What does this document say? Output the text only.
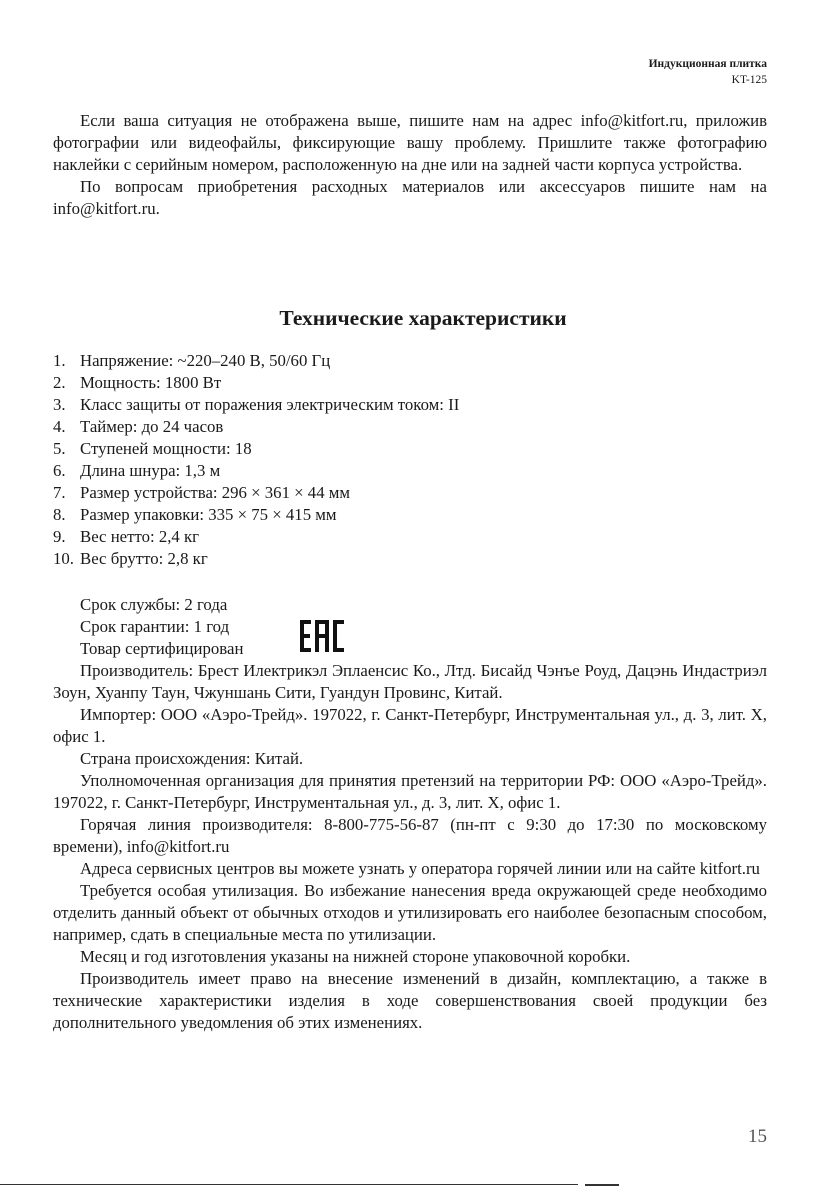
Индукционная плитка
KT-125

Если ваша ситуация не отображена выше, пишите нам на адрес info@kitfort.ru, приложив фотографии или видеофайлы, фиксирующие вашу проблему. Пришлите также фотографию наклейки с серийным номером, расположенную на дне или на задней части корпуса устройства.

По вопросам приобретения расходных материалов или аксессуаров пишите нам на info@kitfort.ru.

Технические характеристики
1. Напряжение: ~220–240 В, 50/60 Гц
2. Мощность: 1800 Вт
3. Класс защиты от поражения электрическим током: II
4. Таймер: до 24 часов
5. Ступеней мощности: 18
6. Длина шнура: 1,3 м
7. Размер устройства: 296 × 361 × 44 мм
8. Размер упаковки: 335 × 75 × 415 мм
9. Вес нетто: 2,4 кг
10. Вес брутто: 2,8 кг

Срок службы: 2 года

Срок гарантии: 1 год

Товар сертифицирован

Производитель: Брест Илектрикэл Эплаенсис Ко., Лтд. Бисайд Чэнъе Роуд, Дацэнь Индастриэл Зоун, Хуанпу Таун, Чжуншань Сити, Гуандун Провинс, Китай.

Импортер: ООО «Аэро-Трейд». 197022, г. Санкт-Петербург, Инструментальная ул., д. 3, лит. Х, офис 1.

Страна происхождения: Китай.

Уполномоченная организация для принятия претензий на территории РФ: ООО «Аэро-Трейд». 197022, г. Санкт-Петербург, Инструментальная ул., д. 3, лит. Х, офис 1.

Горячая линия производителя: 8-800-775-56-87 (пн-пт с 9:30 до 17:30 по московскому времени), info@kitfort.ru

Адреса сервисных центров вы можете узнать у оператора горячей линии или на сайте kitfort.ru

Требуется особая утилизация. Во избежание нанесения вреда окружающей среде необходимо отделить данный объект от обычных отходов и утилизировать его наиболее безопасным способом, например, сдать в специальные места по утилизации.

Месяц и год изготовления указаны на нижней стороне упаковочной коробки.

Производитель имеет право на внесение изменений в дизайн, комплектацию, а также в технические характеристики изделия в ходе совершенствования своей продукции без дополнительного уведомления об этих изменениях.

15
